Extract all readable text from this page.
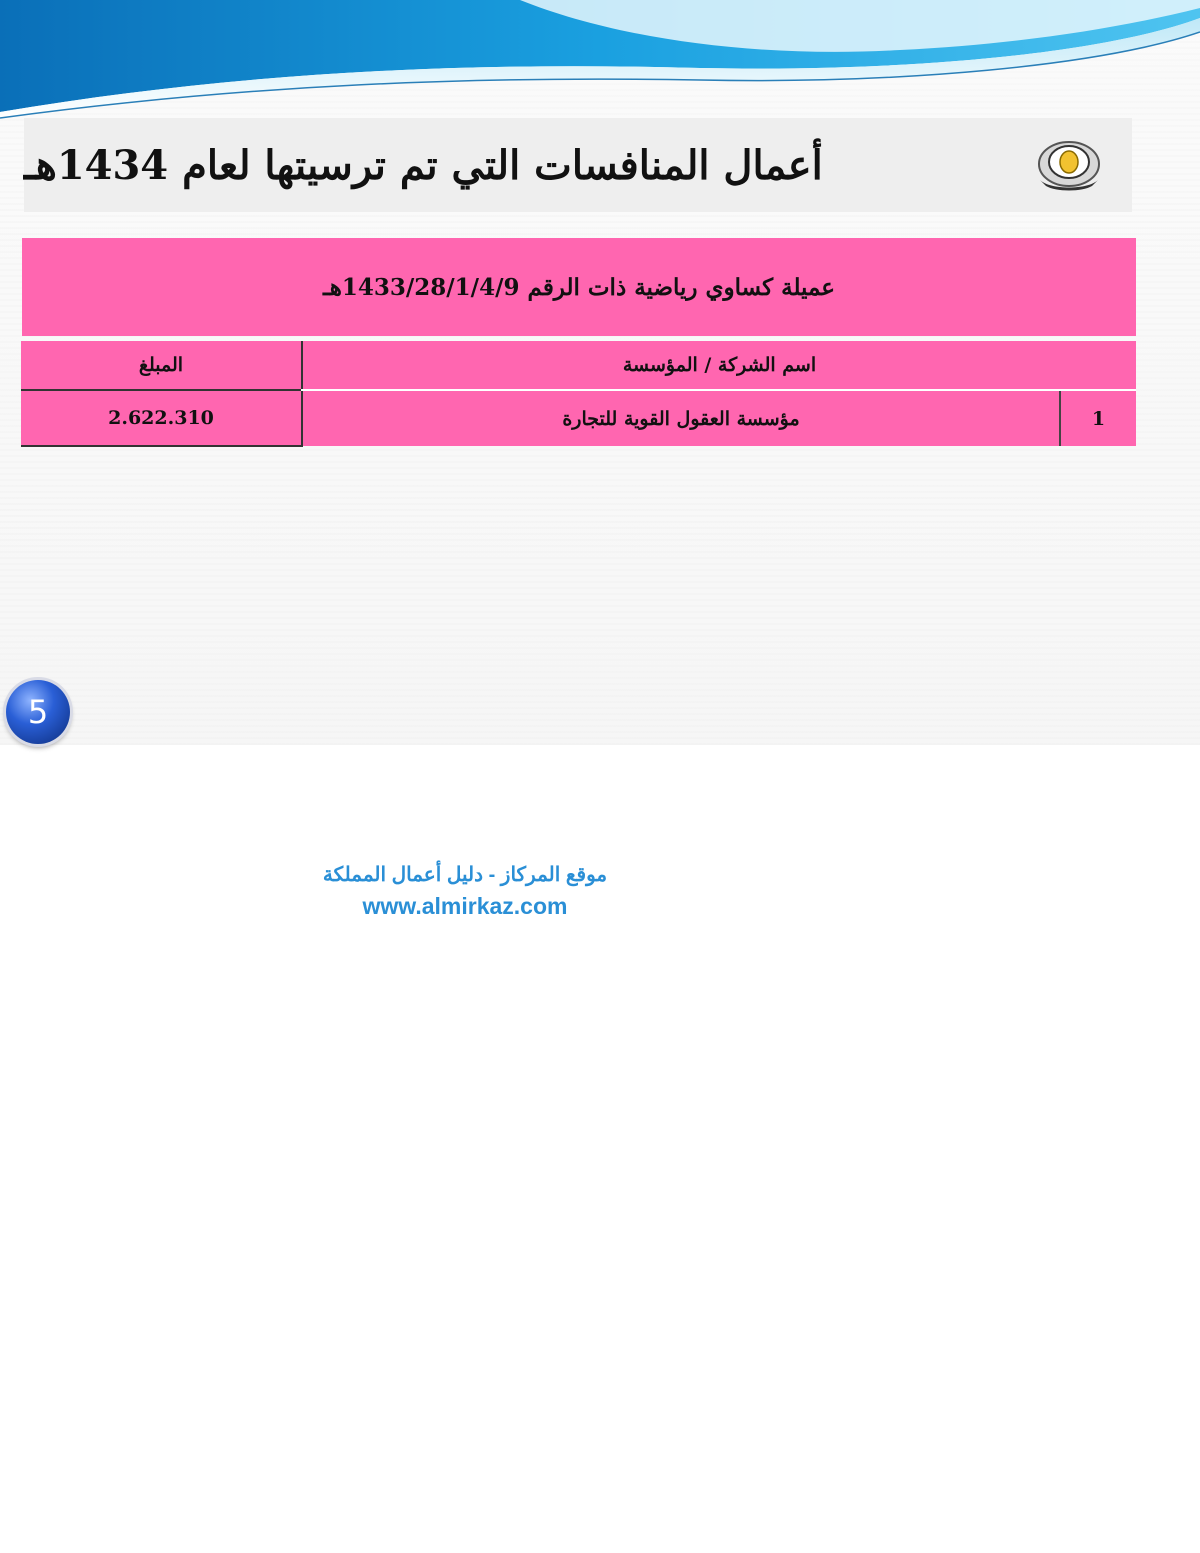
أعمال المنافسات التي تم ترسيتها لعام 1434هـ
عميلة كساوي رياضية ذات الرقم 1433/28/1/4/9هـ
اسم الشركة / المؤسسة		المبلغ
1	مؤسسة العقول القوية للتجارة	2.622.310
5
موقع المركاز - دليل أعمال المملكة
www.almirkaz.com
